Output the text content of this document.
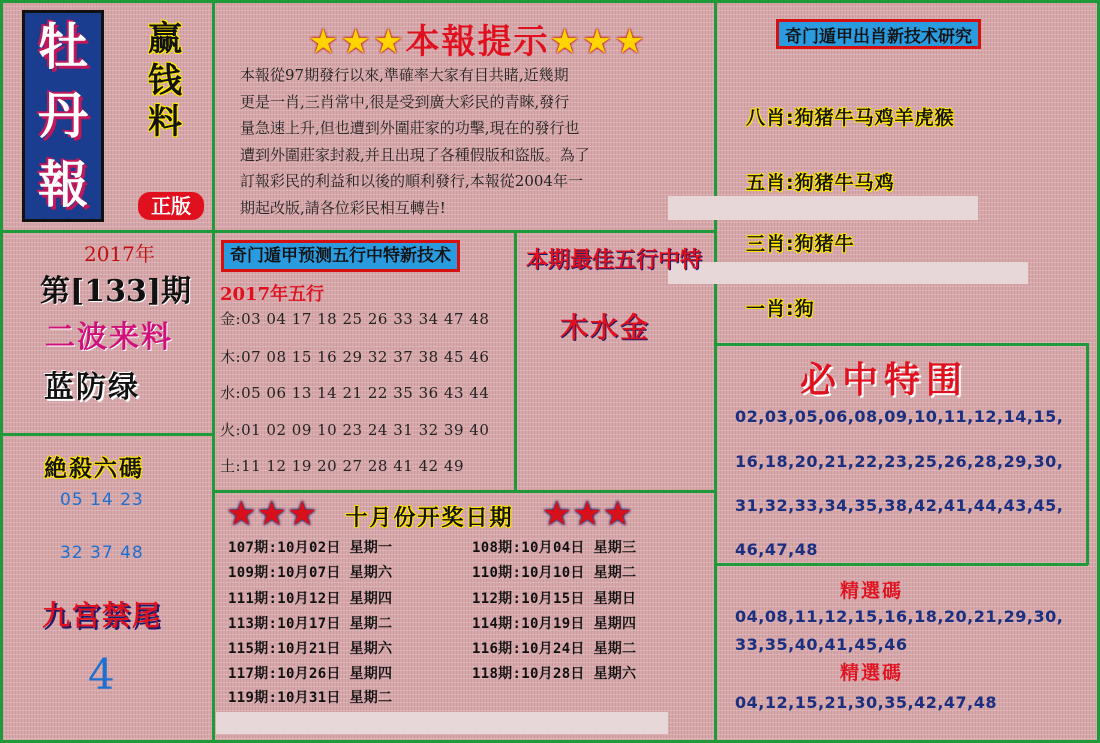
牡
丹
報
赢
钱
料
正版
★★★本報提示★★★
本報從97期發行以來,準確率大家有目共睹,近幾期
更是一肖,三肖常中,很是受到廣大彩民的青睞,發行
量急速上升,但也遭到外圍莊家的功擊,現在的發行也
遭到外圍莊家封殺,并且出現了各種假版和盜版。為了
訂報彩民的利益和以後的順利發行,本報從2004年一
期起改版,請各位彩民相互轉告!
奇门遁甲出肖新技术研究
八肖:狗猪牛马鸡羊虎猴
五肖:狗猪牛马鸡
三肖:狗猪牛
一肖:狗
2017年
第[133]期
二波来料
蓝防绿
絶殺六碼
05 14 23
32 37 48
九宫禁尾
4
奇门遁甲预测五行中特新技术
2017年五行
金:03 04 17 18 25 26 33 34 47 48
木:07 08 15 16 29 32 37 38 45 46
水:05 06 13 14 21 22 35 36 43 44
火:01 02 09 10 23 24 31 32 39 40
土:11 12 19 20 27 28 41 42 49
本期最佳五行中特
木水金
★★★ 十月份开奖日期 ★★★
107期:10月02日 星期一
109期:10月07日 星期六
111期:10月12日 星期四
113期:10月17日 星期二
115期:10月21日 星期六
117期:10月26日 星期四
119期:10月31日 星期二
108期:10月04日 星期三
110期:10月10日 星期二
112期:10月15日 星期日
114期:10月19日 星期四
116期:10月24日 星期二
118期:10月28日 星期六
必中特围
02,03,05,06,08,09,10,11,12,14,15,
16,18,20,21,22,23,25,26,28,29,30,
31,32,33,34,35,38,42,41,44,43,45,
46,47,48
精選碼
04,08,11,12,15,16,18,20,21,29,30,
33,35,40,41,45,46
精選碼
04,12,15,21,30,35,42,47,48
